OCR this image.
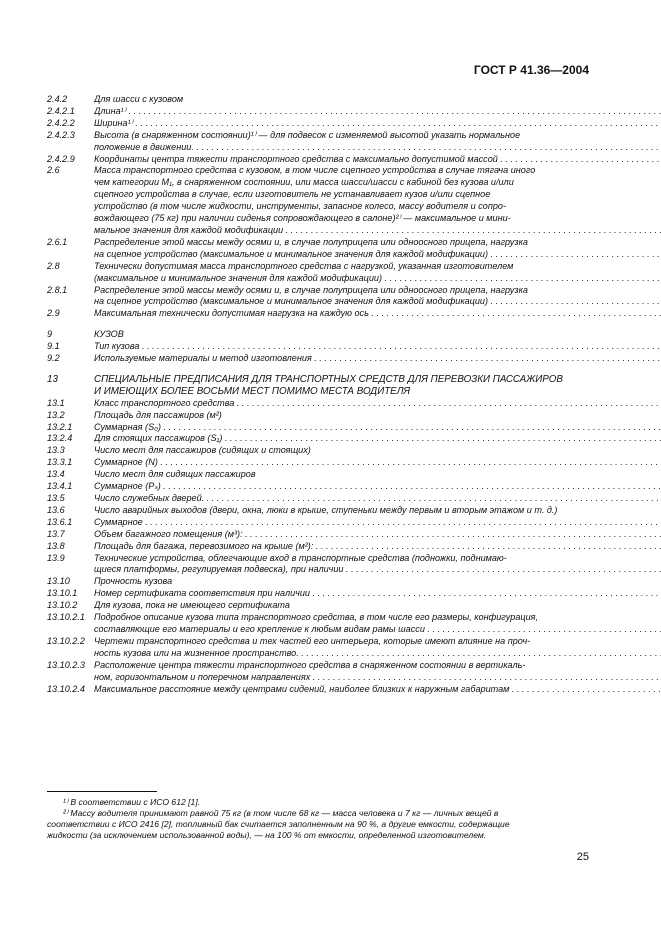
ГОСТ Р 41.36—2004
2.4.2	Для шасси с кузовом
2.4.2.1	Длина¹⁾ . . .
2.4.2.2	Ширина¹⁾ . . .
2.4.2.3	Высота (в снаряженном состоянии)¹⁾ — для подвесок с изменяемой высотой указать нормальное
положение в движении. . . .
2.4.2.9	Координаты центра тяжести транспортного средства с максимально допустимой массой . . .
2.6	Масса транспортного средства с кузовом, в том числе сцепного устройства в случае тягача иного
чем категории M₁, в снаряженном состоянии, или масса шасси/шасси с кабиной без кузова и/или
сцепного устройства в случае, если изготовитель не устанавливает кузов и/или сцепное
устройство (в том числе жидкости, инструменты, запасное колесо, массу водителя и сопро-
вождающего (75 кг) при наличии сиденья сопровождающего в салоне)²⁾ — максимальное и мини-
мальное значения для каждой модификации . . .
2.6.1	Распределение этой массы между осями и, в случае полуприцепа или одноосного прицепа, нагрузка
на сцепное устройство (максимальное и минимальное значения для каждой модификации) . . .
2.8	Технически допустимая масса транспортного средства с нагрузкой, указанная изготовителем
(максимальное и минимальное значения для каждой модификации) . . .
2.8.1	Распределение этой массы между осями и, в случае полуприцепа или одноосного прицепа, нагрузка
на сцепное устройство (максимальное и минимальное значения для каждой модификации) . . .
2.9	Максимальная технически допустимая нагрузка на каждую ось . . .
9	КУЗОВ
9.1	Тип кузова . . .
9.2	Используемые материалы и метод изготовления . . .
13	СПЕЦИАЛЬНЫЕ ПРЕДПИСАНИЯ ДЛЯ ТРАНСПОРТНЫХ СРЕДСТВ ДЛЯ ПЕРЕВОЗКИ ПАССАЖИРОВ
И ИМЕЮЩИХ БОЛЕЕ ВОСЬМИ МЕСТ ПОМИМО МЕСТА ВОДИТЕЛЯ
13.1	Класс транспортного средства . . .
13.2	Площадь для пассажиров (м²)
13.2.1	Суммарная (S₀) . . .
13.2.4	Для стоящих пассажиров (S₁) . . .
13.3	Число мест для пассажиров (сидящих и стоящих)
13.3.1	Суммарное (N) . . .
13.4	Число мест для сидящих пассажиров
13.4.1	Суммарное (Pₛ) . . .
13.5	Число служебных дверей. . . .
13.6	Число аварийных выходов (двери, окна, люки в крыше, ступеньки между первым и вторым этажом и т. д.)
13.6.1	Суммарное . . .
13.7	Объем багажного помещения (м³): . . .
13.8	Площадь для багажа, перевозимого на крыше (м²): . . .
13.9	Технические устройства, облегчающие вход в транспортные средства (подножки, поднимаю-
щиеся платформы, регулируемая подвеска), при наличии . . .
13.10	Прочность кузова
13.10.1	Номер сертификата соответствия при наличии . . .
13.10.2	Для кузова, пока не имеющего сертификата
13.10.2.1 Подробное описание кузова типа транспортного средства, в том числе его размеры, конфигурация,
составляющие его материалы и его крепление к любым видам рамы шасси . . .
13.10.2.2 Чертежи транспортного средства и тех частей его интерьера, которые имеют влияние на проч-
ность кузова или на жизненное пространство. . . .
13.10.2.3 Расположение центра тяжести транспортного средства в снаряженном состоянии в вертикаль-
ном, горизонтальном и поперечном направлениях . . .
13.10.2.4 Максимальное расстояние между центрами сидений, наиболее близких к наружным габаритам . . .
¹⁾ В соответствии с ИСО 612 [1].
²⁾ Массу водителя принимают равной 75 кг (в том числе 68 кг — масса человека и 7 кг — личных вещей в
соответствии с ИСО 2416 [2], топливный бак считается заполненным на 90 %, а другие емкости, содержащие
жидкости (за исключением использованной воды), — на 100 % от емкости, определенной изготовителем.
25
